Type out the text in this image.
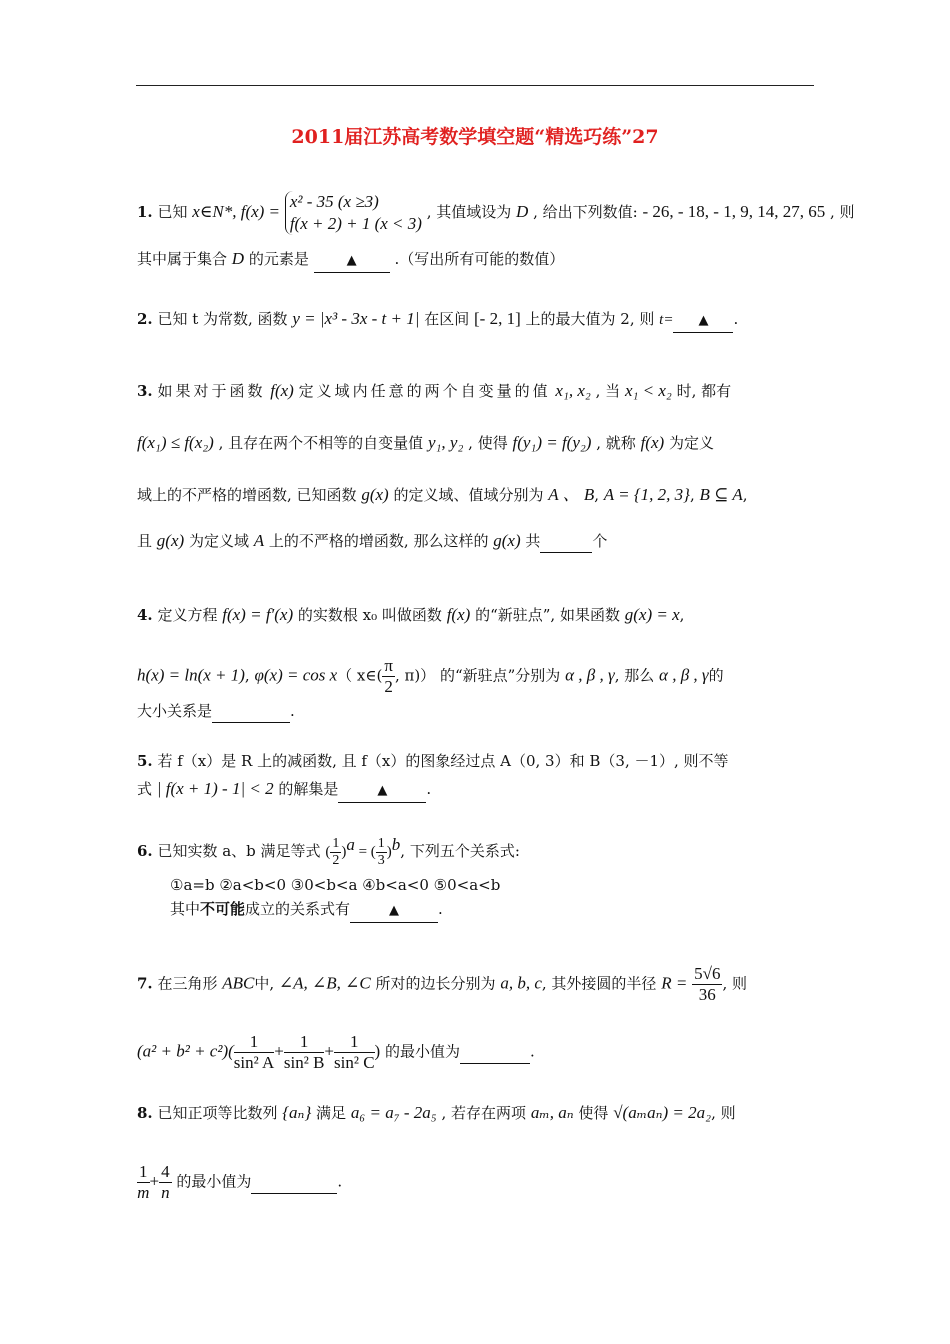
2011届江苏高考数学填空题“精选巧练”27
1. 已知 x∈N*, f(x) =
x² - 35 (x ≥3)
f(x + 2) + 1 (x < 3)
, 其值域设为 D , 给出下列数值: - 26, - 18, - 1, 9, 14, 27, 65 , 则
其中属于集合 D 的元素是	▲	.（写出所有可能的数值）
2. 已知 t 为常数, 函数 y = |x³ - 3x - t + 1| 在区间 [- 2, 1] 上的最大值为 2, 则 t= ▲ .
3. 如果对于函数 f(x) 定义域内任意的两个自变量的值 x₁, x₂ , 当 x₁ < x₂ 时, 都有
f(x₁) ≤ f(x₂) , 且存在两个不相等的自变量值 y₁, y₂ , 使得 f(y₁) = f(y₂) , 就称 f(x) 为定义
域上的不严格的增函数, 已知函数 g(x) 的定义域、值域分别为 A 、 B, A = {1, 2, 3}, B ⊆ A,
且 g(x) 为定义域 A 上的不严格的增函数, 那么这样的 g(x) 共	个
4. 定义方程 f(x) = f′(x) 的实数根 x₀ 叫做函数 f(x) 的“新驻点”, 如果函数 g(x) = x,
h(x) = ln(x + 1), φ(x) = cos x（ x∈( $\frac{\pi}{2}$ , π)） 的“新驻点”分别为 α , β , γ, 那么 α , β , γ的
大小关系是	.
5. 若 f（x）是 R 上的减函数, 且 f（x）的图象经过点 A（0, 3）和 B（3, －1）, 则不等
式 | f(x + 1) - 1| < 2 的解集是	▲	.
6. 已知实数 a、b 满足等式 ( $\frac{1}{2} )^a$ = ( $\frac{1}{3} )^b$, 下列五个关系式:
①a=b ②a<b<0 ③0<b<a ④b<a<0 ⑤0<a<b
其中不可能成立的关系式有	▲	.
7. 在三角形 ABC中, ∠A, ∠B, ∠C 所对的边长分别为 a, b, c, 其外接圆的半径 $R = \frac{5√6}{36}$ , 则
$(a^2 + b^2 + c^2)( \frac{1}{\text{sin² A}} + \frac{1}{\text{sin² B}} + \frac{1}{\text{sin² C}}$ ) 的最小值为	.
8. 已知正项等比数列 {aₙ} 满足 a₆ = a₇ - 2a₅ , 若存在两项 aₘ, aₙ 使得 √(aₘaₙ) = 2a₂, 则
$\frac{1}{m} + \frac{4}{n}$ 的最小值为	.
